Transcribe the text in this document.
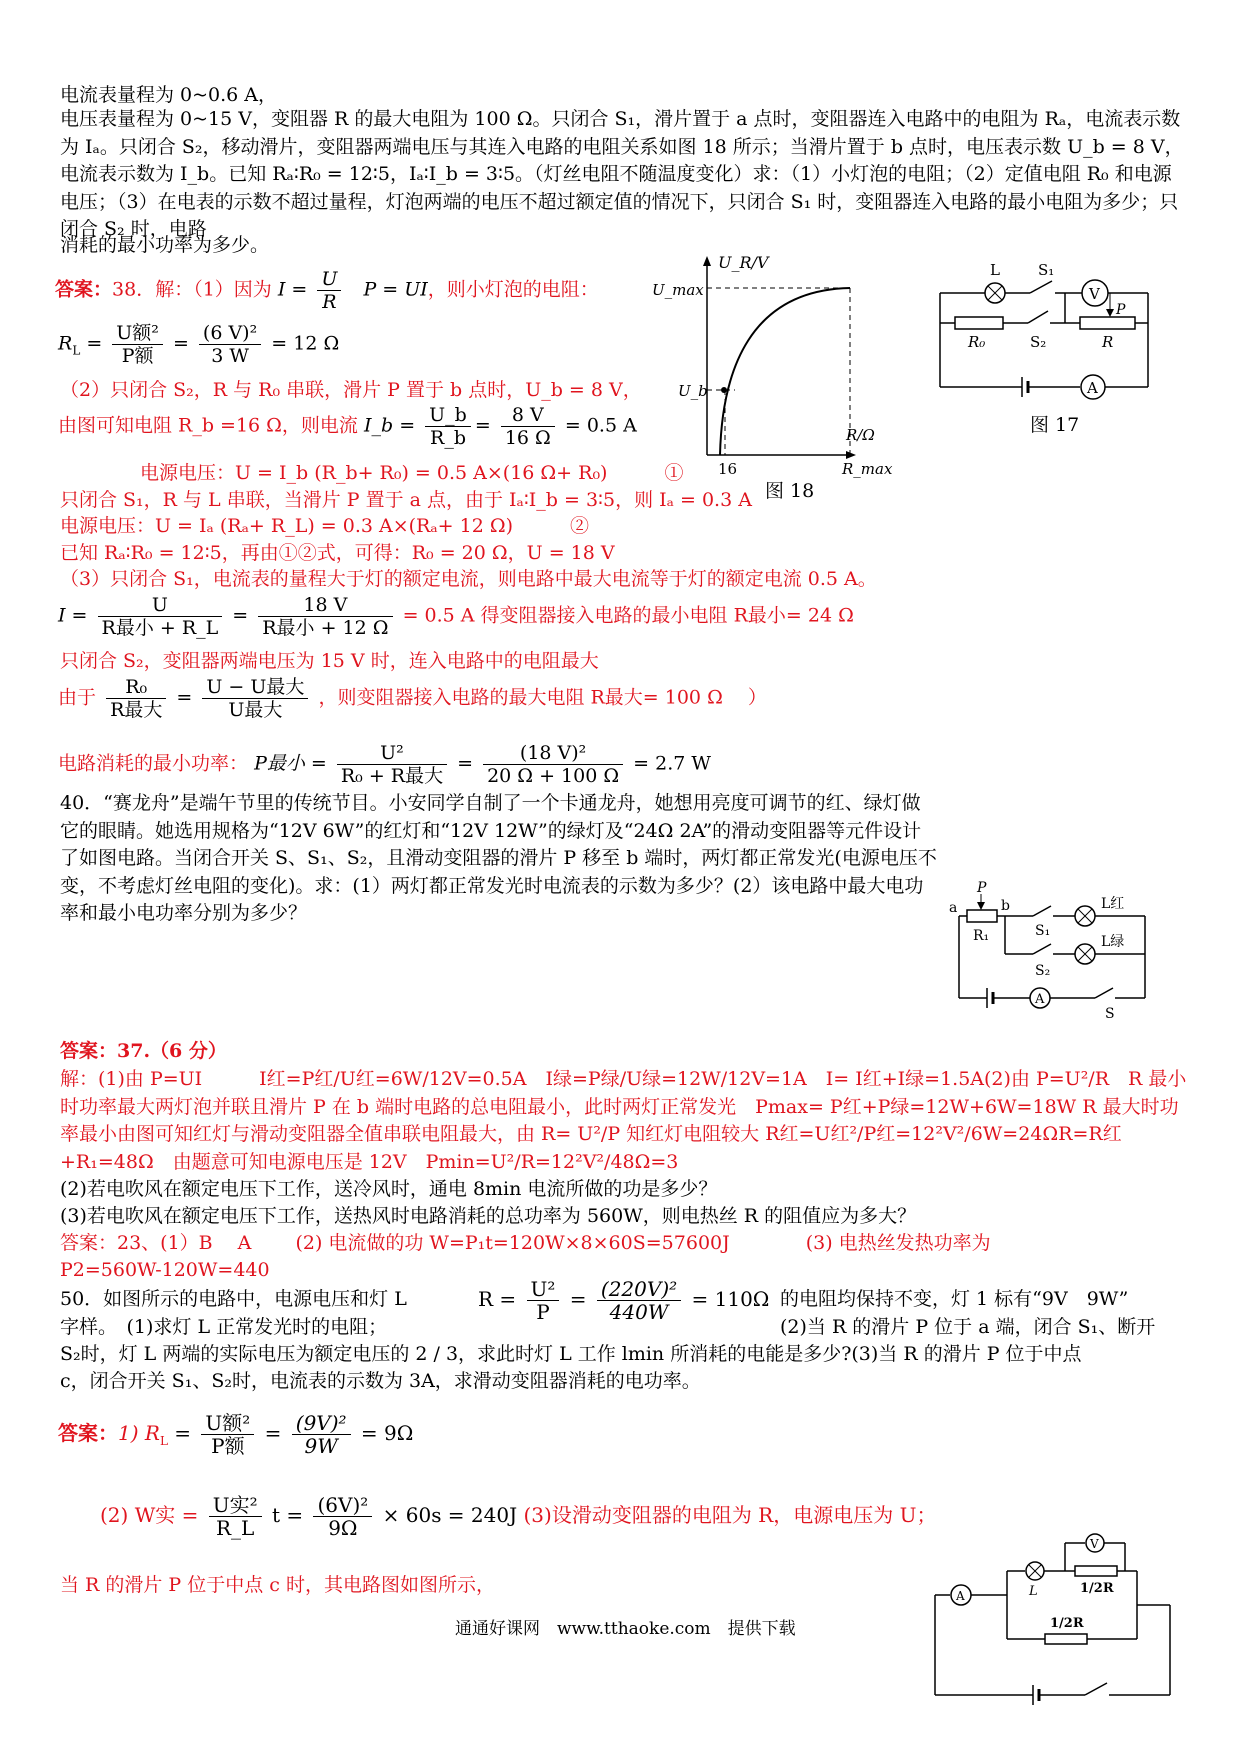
电流表量程为 0~0.6 A，
电压表量程为 0~15 V，变阻器 R 的最大电阻为 100 Ω。只闭合 S₁，滑片置于 a 点时，变阻器连入电路中的电阻为 Rₐ，电流表示数为 Iₐ。只闭合 S₂，移动滑片，变阻器两端电压与其连入电路的电阻关系如图 18 所示；当滑片置于 b 点时，电压表示数 U_b = 8 V，电流表示数为 I_b。已知 Rₐ∶R₀ = 12∶5，Iₐ∶I_b = 3∶5。（灯丝电阻不随温度变化）求：（1）小灯泡的电阻；（2）定值电阻 R₀ 和电源电压；（3）在电表的示数不超过量程，灯泡两端的电压不超过额定值的情况下，只闭合 S₁ 时，变阻器连入电路的最小电阻为多少；只闭合 S₂ 时，电路
消耗的最小功率为多少。
答案：38．解：（1）因为 $I = \frac{U}{R}$ P = UI，则小灯泡的电阻：
$R_L = \frac{\text{U额²}}{\text{P额}} = \frac{\text{(6 V)²}}{3 W} = 12$ Ω
（2）只闭合 S₂，R 与 R₀ 串联，滑片 P 置于 b 点时，U_b = 8 V，
由图可知电阻 R_b =16 Ω，则电流 I_b = $\frac{U\_b}{R\_b} = \frac{8 V}{16 \Omega} = 0.5$ A
电源电压：U = I_b (R_b+ R₀) = 0.5 A×(16 Ω+ R₀)　　　①
只闭合 S₁，R 与 L 串联，当滑片 P 置于 a 点，由于 Iₐ∶I_b = 3∶5，则 Iₐ = 0.3 A
电源电压：U = Iₐ (Rₐ+ R_L) = 0.3 A×(Rₐ+ 12 Ω)　　　②
已知 Rₐ∶R₀ = 12∶5，再由①②式，可得：R₀ = 20 Ω，U = 18 V
（3）只闭合 S₁，电流表的量程大于灯的额定电流，则电路中最大电流等于灯的额定电流 0.5 A。
$I = \frac{U}{\text{R最小 + R\_L}} = \frac{18 V}{\text{R最小 + 12 Ω}} = 0.5$ A 得变阻器接入电路的最小电阻 R最小= 24 Ω
只闭合 S₂，变阻器两端电压为 15 V 时，连入电路中的电阻最大
由于 $\frac{\text{R₀}}{\text{R最大}} = \frac{\text{U − U最大}}{\text{U最大}}$ ，则变阻器接入电路的最大电阻 R最大= 100 Ω　 ）
电路消耗的最小功率： P最小 = $\frac{\text{U²}}{\text{R₀ + R最大}} = \frac{\text{(18 V)²}}{20 \Omega + 100 \Omega} = 2.7$ W
U_R/V
U_max
U_b
R/Ω
16	R_max
图 18
L	S₁
V
P
R₀	S₂	R
A
图 17
40．“赛龙舟”是端午节里的传统节目。小安同学自制了一个卡通龙舟，她想用亮度可调节的红、绿灯做它的眼睛。她选用规格为“12V 6W”的红灯和“12V 12W”的绿灯及“24Ω 2A”的滑动变阻器等元件设计了如图电路。当闭合开关 S、S₁、S₂，且滑动变阻器的滑片 P 移至 b 端时，两灯都正常发光(电源电压不变，不考虑灯丝电阻的变化)。求：(1）两灯都正常发光时电流表的示数为多少？(2）该电路中最大电功率和最小电功率分别为多少？
答案：37.（6 分）
解：(1)由 P=UI　　　I红=P红/U红=6W/12V=0.5A　I绿=P绿/U绿=12W/12V=1A　I= I红+I绿=1.5A(2)由 P=U²/R　R 最小时功率最大两灯泡并联且滑片 P 在 b 端时电路的总电阻最小，此时两灯正常发光　Pmax= P红+P绿=12W+6W=18W R 最大时功率最小由图可知红灯与滑动变阻器全值串联电阻最大，由 R= U²/P 知红灯电阻较大 R红=U红²/P红=12²V²/6W=24ΩR=R红+R₁=48Ω　由题意可知电源电压是 12V　Pmin=U²/R=12²V²/48Ω=3
(2)若电吹风在额定电压下工作，送冷风时，通电 8min 电流所做的功是多少？
(3)若电吹风在额定电压下工作，送热风时电路消耗的总功率为 560W，则电热丝 R 的阻值应为多大？
答案：23、(1）B　 A　　 (2) 电流做的功 W=P₁t=120W×8×60S=57600J　　　　(3) 电热丝发热功率为
P2=560W-120W=440
a
P
b
R₁	S₁
S₂
L红
L绿
A
S
50．如图所示的电路中，电源电压和灯 L	$R = \frac{\text{U²}}{P} = \frac{\text{(220V)²}}{440W} = 110\Omega$ 的电阻均保持不变，灯 1 标有“9V　9W”
字样。　(1)求灯 L 正常发光时的电阻；	(2)当 R 的滑片 P 位于 a 端，闭合 S₁、断开
S₂时，灯 L 两端的实际电压为额定电压的 2 / 3，求此时灯 L 工作 lmin 所消耗的电能是多少?(3)当 R 的滑片 P 位于中点
c，闭合开关 S₁、S₂时，电流表的示数为 3A，求滑动变阻器消耗的电功率。
答案：1) $R_L = \frac{\text{U额²}}{\text{P额}} = \frac{\text{(9V)²}}{9W} = 9\Omega$
(2) W实 = $\frac{\text{U实²}}{R\_L}$ $t = \frac{\text{(6V)²}}{9\Omega} \times 60s = 240J$ (3)设滑动变阻器的电阻为 R，电源电压为 U；
当 R 的滑片 P 位于中点 c 时，其电路图如图所示，
V
L	1/2R
1/2R
A
通通好课网　www.tthaoke.com　提供下载
